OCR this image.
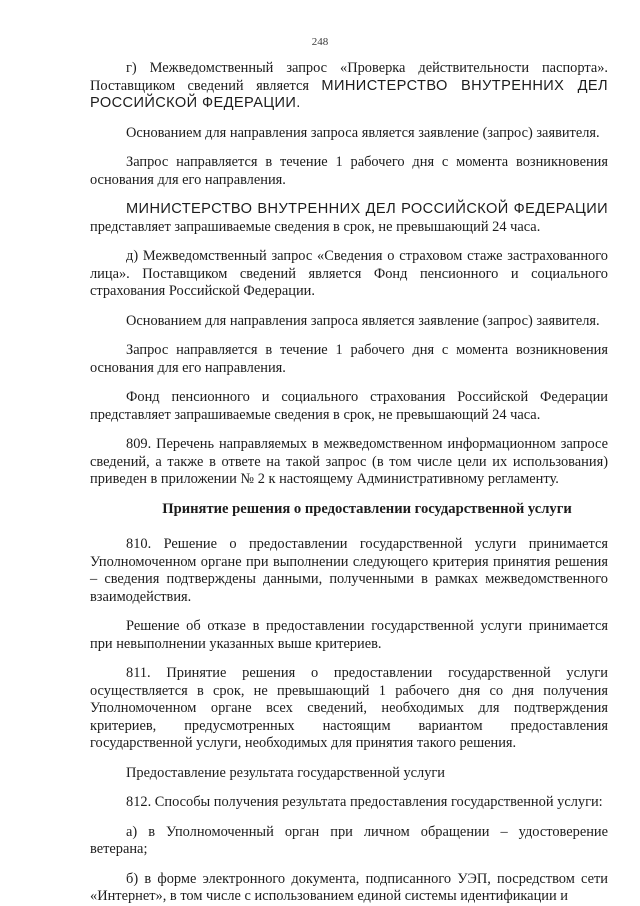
248

г) Межведомственный запрос «Проверка действительности паспорта». Поставщиком сведений является МИНИСТЕРСТВО ВНУТРЕННИХ ДЕЛ РОССИЙСКОЙ ФЕДЕРАЦИИ.

Основанием для направления запроса является заявление (запрос) заявителя.

Запрос направляется в течение 1 рабочего дня с момента возникновения основания для его направления.

МИНИСТЕРСТВО ВНУТРЕННИХ ДЕЛ РОССИЙСКОЙ ФЕДЕРАЦИИ представляет запрашиваемые сведения в срок, не превышающий 24 часа.

д) Межведомственный запрос «Сведения о страховом стаже застрахованного лица». Поставщиком сведений является Фонд пенсионного и социального страхования Российской Федерации.

Основанием для направления запроса является заявление (запрос) заявителя.

Запрос направляется в течение 1 рабочего дня с момента возникновения основания для его направления.

Фонд пенсионного и социального страхования Российской Федерации представляет запрашиваемые сведения в срок, не превышающий 24 часа.

809. Перечень направляемых в межведомственном информационном запросе сведений, а также в ответе на такой запрос (в том числе цели их использования) приведен в приложении № 2 к настоящему Административному регламенту.

Принятие решения о предоставлении государственной услуги

810. Решение о предоставлении государственной услуги принимается Уполномоченном органе при выполнении следующего критерия принятия решения – сведения подтверждены данными, полученными в рамках межведомственного взаимодействия.

Решение об отказе в предоставлении государственной услуги принимается при невыполнении указанных выше критериев.

811. Принятие решения о предоставлении государственной услуги осуществляется в срок, не превышающий 1 рабочего дня со дня получения Уполномоченном органе всех сведений, необходимых для подтверждения критериев, предусмотренных настоящим вариантом предоставления государственной услуги, необходимых для принятия такого решения.

Предоставление результата государственной услуги

812. Способы получения результата предоставления государственной услуги:

а) в Уполномоченный орган при личном обращении – удостоверение ветерана;

б) в форме электронного документа, подписанного УЭП, посредством сети «Интернет», в том числе с использованием единой системы идентификации и
